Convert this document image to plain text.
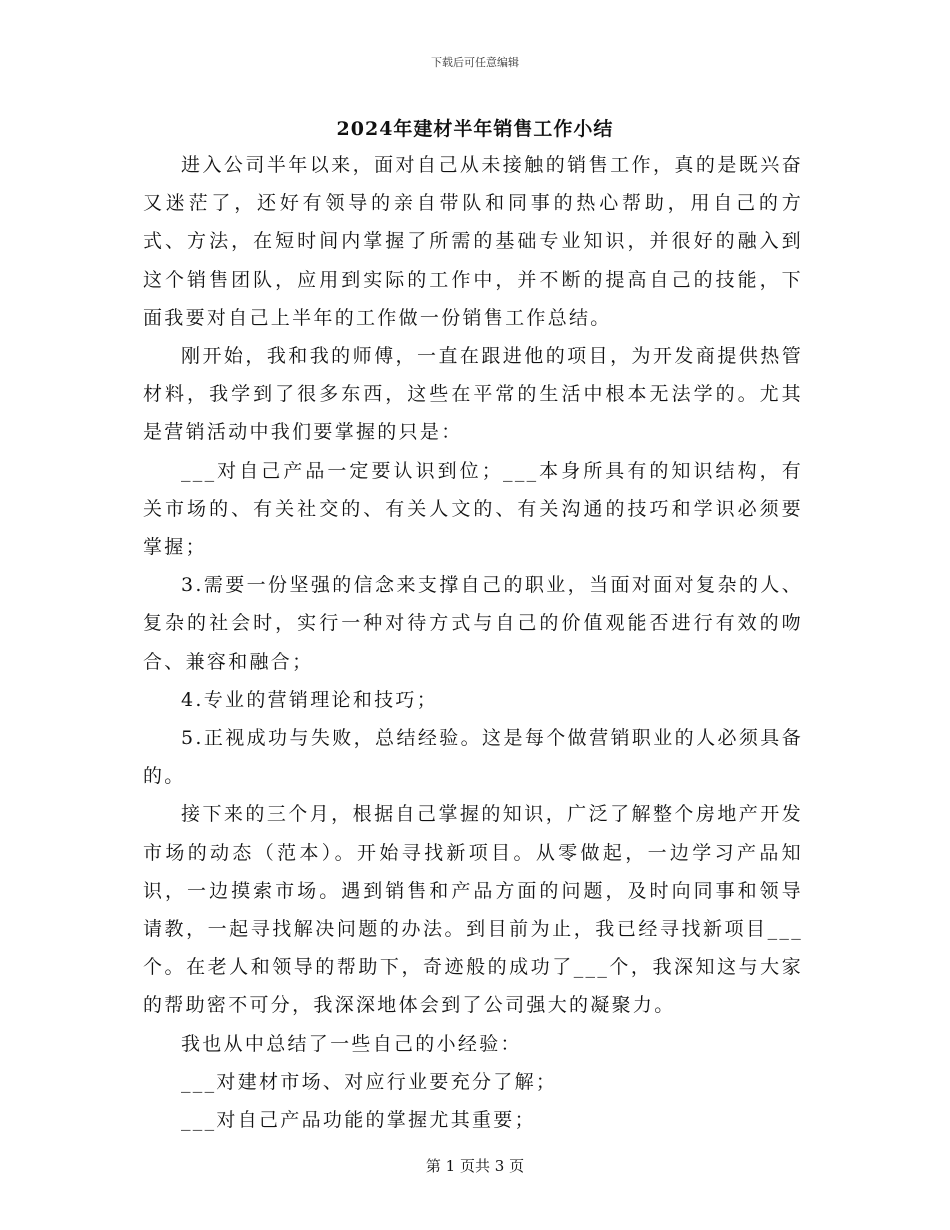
下载后可任意编辑
2024年建材半年销售工作小结

进入公司半年以来，面对自己从未接触的销售工作，真的是既兴奋又迷茫了，还好有领导的亲自带队和同事的热心帮助，用自己的方式、方法，在短时间内掌握了所需的基础专业知识，并很好的融入到这个销售团队，应用到实际的工作中，并不断的提高自己的技能，下面我要对自己上半年的工作做一份销售工作总结。

刚开始，我和我的师傅，一直在跟进他的项目，为开发商提供热管材料，我学到了很多东西，这些在平常的生活中根本无法学的。尤其是营销活动中我们要掌握的只是：

___对自己产品一定要认识到位；___本身所具有的知识结构，有关市场的、有关社交的、有关人文的、有关沟通的技巧和学识必须要掌握；

3.需要一份坚强的信念来支撑自己的职业，当面对面对复杂的人、复杂的社会时，实行一种对待方式与自己的价值观能否进行有效的吻合、兼容和融合；

4.专业的营销理论和技巧；

5.正视成功与失败，总结经验。这是每个做营销职业的人必须具备的。

接下来的三个月，根据自己掌握的知识，广泛了解整个房地产开发市场的动态（范本）。开始寻找新项目。从零做起，一边学习产品知识，一边摸索市场。遇到销售和产品方面的问题，及时向同事和领导请教，一起寻找解决问题的办法。到目前为止，我已经寻找新项目___个。在老人和领导的帮助下，奇迹般的成功了___个，我深知这与大家的帮助密不可分，我深深地体会到了公司强大的凝聚力。

我也从中总结了一些自己的小经验：

___对建材市场、对应行业要充分了解；

___对自己产品功能的掌握尤其重要；

第 1 页共 3 页
